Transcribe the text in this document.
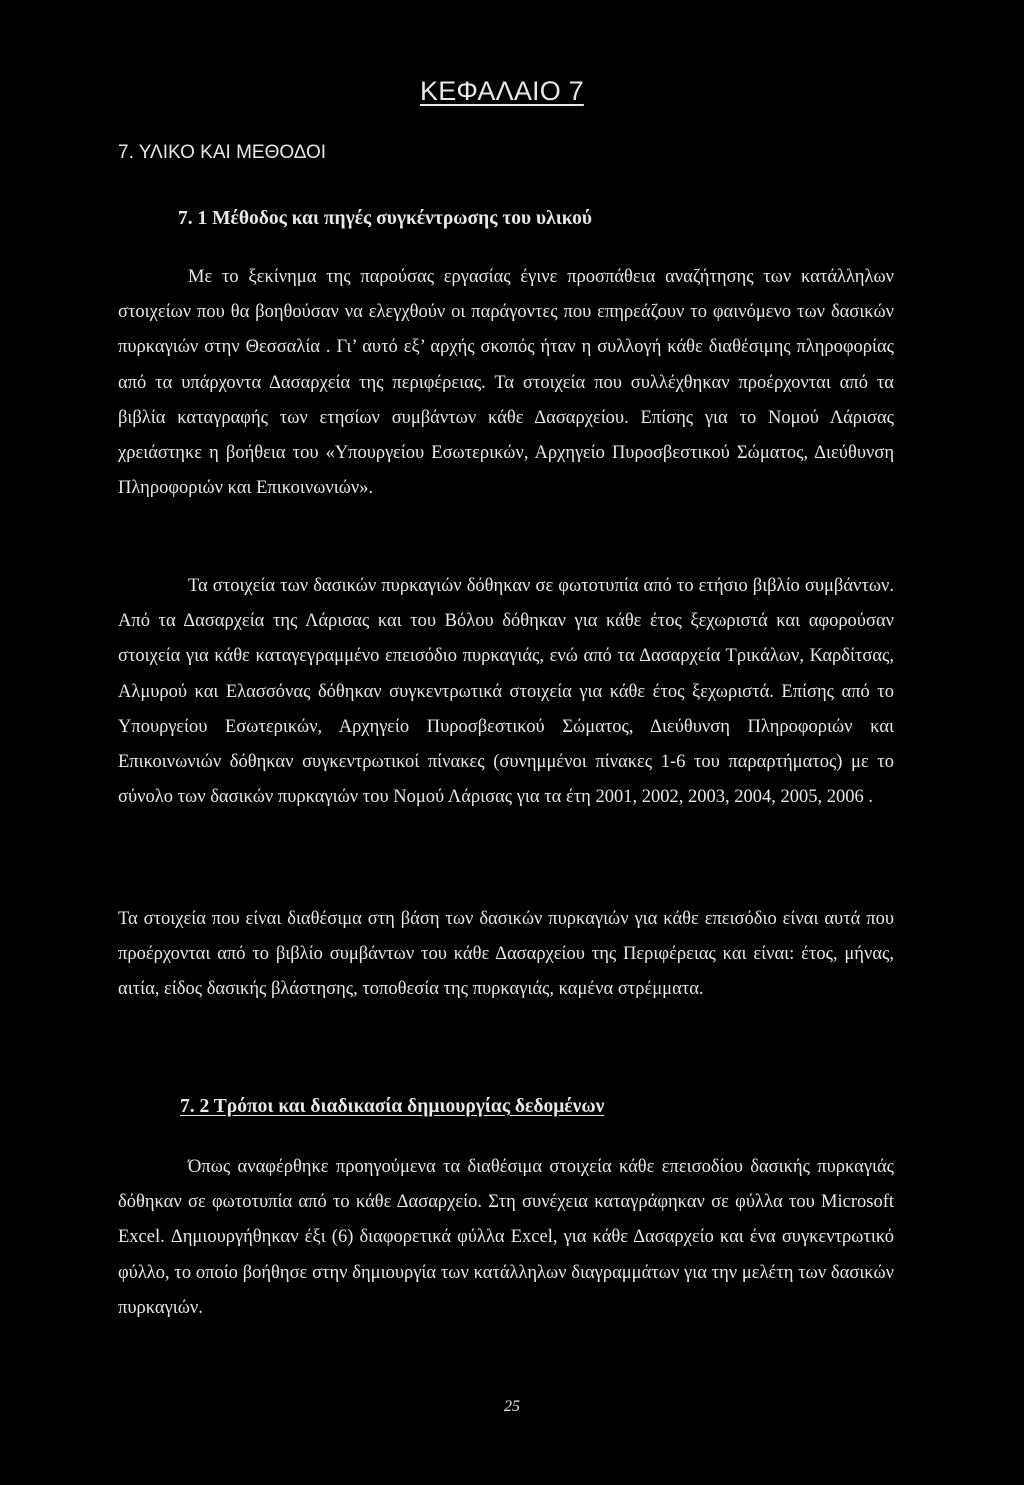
ΚΕΦΑΛΑΙΟ 7
7. ΥΛΙΚΟ ΚΑΙ ΜΕΘΟΔΟΙ
7. 1 Μέθοδος και πηγές συγκέντρωσης του υλικού

Με το ξεκίνημα της παρούσας εργασίας έγινε προσπάθεια αναζήτησης των κατάλληλων στοιχείων που θα βοηθούσαν να ελεγχθούν οι παράγοντες που επηρεάζουν το φαινόμενο των δασικών πυρκαγιών στην Θεσσαλία . Γι’ αυτό εξ’ αρχής σκοπός ήταν η συλλογή κάθε διαθέσιμης πληροφορίας από τα υπάρχοντα Δασαρχεία της περιφέρειας. Τα στοιχεία που συλλέχθηκαν προέρχονται από τα βιβλία καταγραφής των ετησίων συμβάντων κάθε Δασαρχείου. Επίσης για το Νομού Λάρισας χρειάστηκε η βοήθεια του «Υπουργείου Εσωτερικών, Αρχηγείο Πυροσβεστικού Σώματος, Διεύθυνση Πληροφοριών και Επικοινωνιών».

Τα στοιχεία των δασικών πυρκαγιών δόθηκαν σε φωτοτυπία από το ετήσιο βιβλίο συμβάντων. Από τα Δασαρχεία της Λάρισας και του Βόλου δόθηκαν για κάθε έτος ξεχωριστά και αφορούσαν στοιχεία για κάθε καταγεγραμμένο επεισόδιο πυρκαγιάς, ενώ από τα Δασαρχεία Τρικάλων, Καρδίτσας, Αλμυρού και Ελασσόνας δόθηκαν συγκεντρωτικά στοιχεία για κάθε έτος ξεχωριστά. Επίσης από το Υπουργείου Εσωτερικών, Αρχηγείο Πυροσβεστικού Σώματος, Διεύθυνση Πληροφοριών και Επικοινωνιών δόθηκαν συγκεντρωτικοί πίνακες (συνημμένοι πίνακες 1-6 του παραρτήματος) με το σύνολο των δασικών πυρκαγιών του Νομού Λάρισας για τα έτη 2001, 2002, 2003, 2004, 2005, 2006 .

Τα στοιχεία που είναι διαθέσιμα στη βάση των δασικών πυρκαγιών για κάθε επεισόδιο είναι αυτά που προέρχονται από το βιβλίο συμβάντων του κάθε Δασαρχείου της Περιφέρειας και είναι: έτος, μήνας, αιτία, είδος δασικής βλάστησης, τοποθεσία της πυρκαγιάς, καμένα στρέμματα.

7. 2 Τρόποι και διαδικασία δημιουργίας δεδομένων

Όπως αναφέρθηκε προηγούμενα τα διαθέσιμα στοιχεία κάθε επεισοδίου δασικής πυρκαγιάς δόθηκαν σε φωτοτυπία από το κάθε Δασαρχείο. Στη συνέχεια καταγράφηκαν σε φύλλα του Microsoft Excel. Δημιουργήθηκαν έξι (6) διαφορετικά φύλλα Excel, για κάθε Δασαρχείο και ένα συγκεντρωτικό φύλλο, το οποίο βοήθησε στην δημιουργία των κατάλληλων διαγραμμάτων για την μελέτη των δασικών πυρκαγιών.

25
